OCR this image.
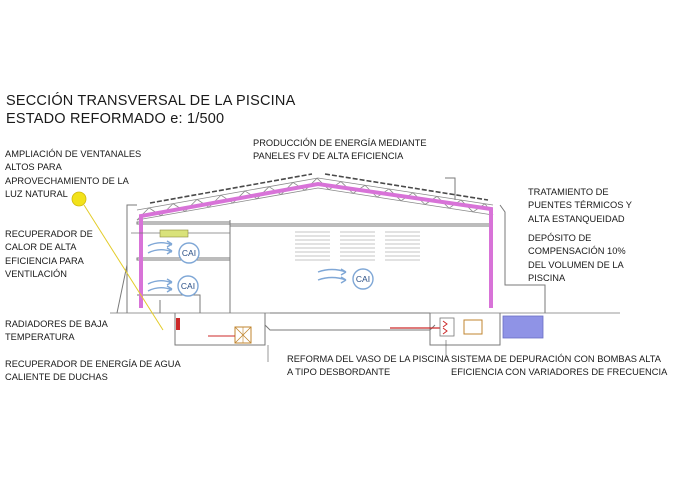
SECCIÓN TRANSVERSAL DE LA PISCINA
ESTADO REFORMADO e: 1/500
CAI
CAI
CAI
AMPLIACIÓN DE VENTANALES
ALTOS PARA
APROVECHAMIENTO DE LA
LUZ NATURAL
RECUPERADOR DE
CALOR DE ALTA
EFICIENCIA PARA
VENTILACIÓN
RADIADORES DE BAJA
TEMPERATURA
RECUPERADOR DE ENERGÍA DE AGUA
CALIENTE DE DUCHAS
PRODUCCIÓN DE ENERGÍA MEDIANTE
PANELES FV DE ALTA EFICIENCIA
TRATAMIENTO DE
PUENTES TÉRMICOS Y
ALTA ESTANQUEIDAD
DEPÓSITO DE
COMPENSACIÓN 10%
DEL VOLUMEN DE LA
PISCINA
REFORMA DEL VASO DE LA PISCINA
A TIPO DESBORDANTE
SISTEMA DE DEPURACIÓN CON BOMBAS ALTA
EFICIENCIA CON VARIADORES DE FRECUENCIA
